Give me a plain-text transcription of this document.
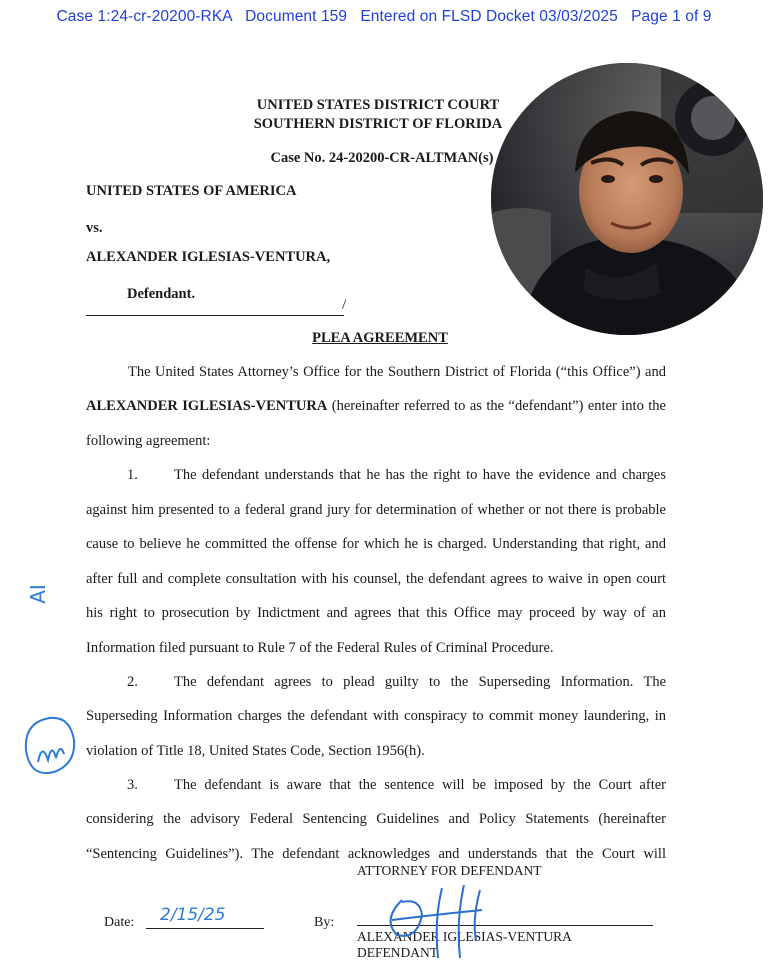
Case 1:24-cr-20200-RKA Document 159 Entered on FLSD Docket 03/03/2025 Page 1 of 9
UNITED STATES DISTRICT COURT
SOUTHERN DISTRICT OF FLORIDA
Case No. 24-20200-CR-ALTMAN(s)
UNITED STATES OF AMERICA
vs.
ALEXANDER IGLESIAS-VENTURA,
Defendant.
/
PLEA AGREEMENT
The United States Attorney’s Office for the Southern District of Florida (“this Office”) and
ALEXANDER IGLESIAS-VENTURA (hereinafter referred to as the “defendant”) enter into the
following agreement:
1. The defendant understands that he has the right to have the evidence and charges
against him presented to a federal grand jury for determination of whether or not there is probable
cause to believe he committed the offense for which he is charged. Understanding that right, and
after full and complete consultation with his counsel, the defendant agrees to waive in open court
his right to prosecution by Indictment and agrees that this Office may proceed by way of an
Information filed pursuant to Rule 7 of the Federal Rules of Criminal Procedure.
2. The defendant agrees to plead guilty to the Superseding Information. The
Superseding Information charges the defendant with conspiracy to commit money laundering, in
violation of Title 18, United States Code, Section 1956(h).
3. The defendant is aware that the sentence will be imposed by the Court after
considering the advisory Federal Sentencing Guidelines and Policy Statements (hereinafter
“Sentencing Guidelines”). The defendant acknowledges and understands that the Court will
ATTORNEY FOR DEFENDANT
Date: 2/15/25	By:
ALEXANDER IGLESIAS-VENTURA
DEFENDANT
AI
